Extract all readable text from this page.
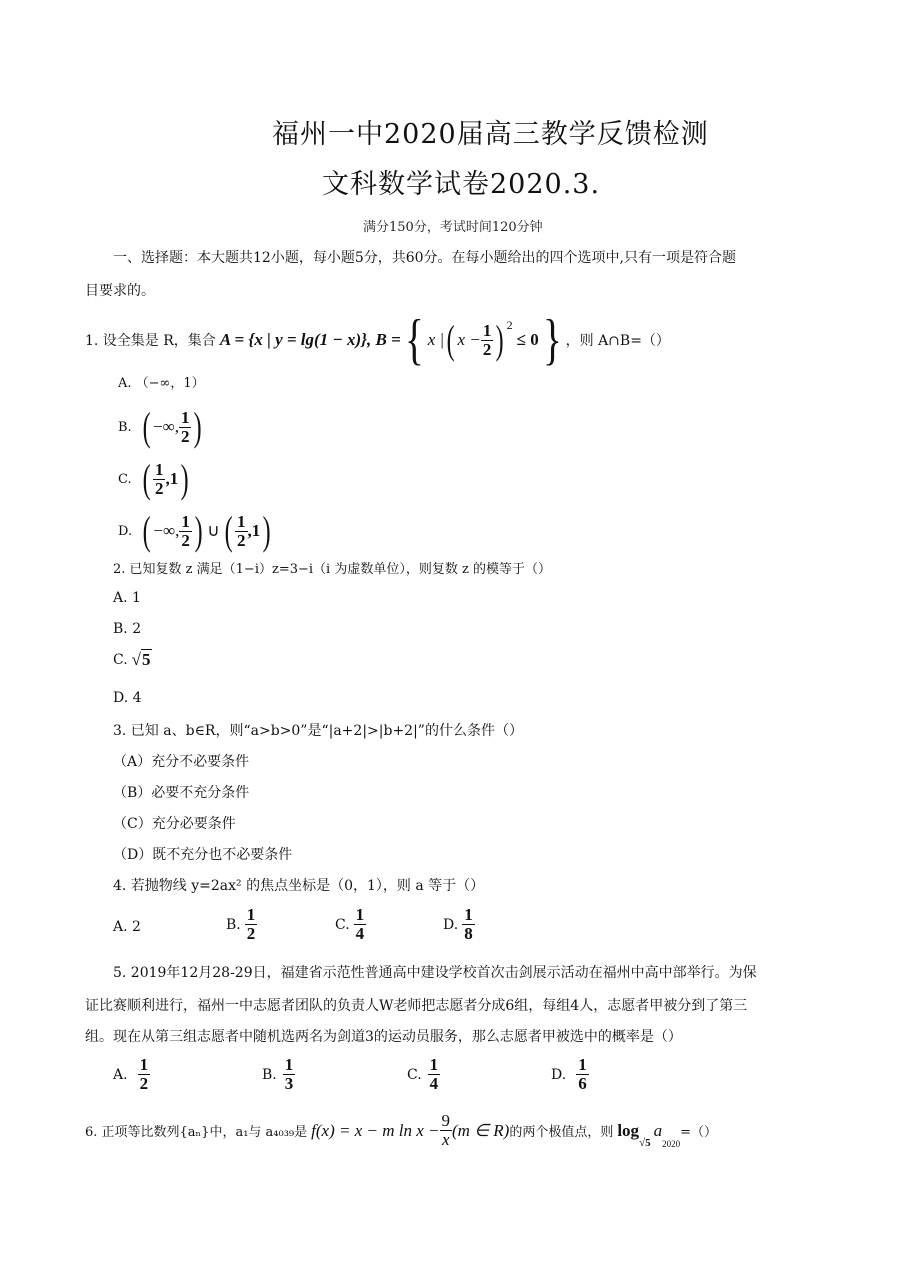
福州一中2020届高三教学反馈检测
文科数学试卷2020.3.
满分150分，考试时间120分钟
一、选择题：本大题共12小题，每小题5分，共60分。在每小题给出的四个选项中,只有一项是符合题
目要求的。
1. 设全集是 R，集合 A = {x | y = lg(1 − x)}, B = { x | ( $x - \frac{1}{2} )^2$
≤ 0 } ，则 A∩B=（）
A. （−∞，1）
B. ( −∞, $\frac{1}{2}$ )
C. ( $\frac{1}{2} ,1$ )
D. ( −∞, $\frac{1}{2}$ ) ∪ ( $\frac{1}{2} ,1$ )
2. 已知复数 z 满足（1−i）z=3−i（i 为虚数单位），则复数 z 的模等于（）
A. 1
B. 2
C. √5
D. 4
3. 已知 a、b∈R，则“a>b>0”是“|a+2|>|b+2|”的什么条件（）
（A）充分不必要条件
（B）必要不充分条件
（C）充分必要条件
（D）既不充分也不必要条件
4. 若抛物线 y=2ax² 的焦点坐标是（0，1），则 a 等于（）
A. 2	B. $\frac{1}{2}$	C. $\frac{1}{4}$	D. $\frac{1}{8}$
5. 2019年12月28-29日，福建省示范性普通高中建设学校首次击剑展示活动在福州中高中部举行。为保
证比赛顺利进行，福州一中志愿者团队的负责人W老师把志愿者分成6组，每组4人，志愿者甲被分到了第三
组。现在从第三组志愿者中随机选两名为剑道3的运动员服务，那么志愿者甲被选中的概率是（）
A. $\frac{1}{2}$	B. $\frac{1}{3}$	C. $\frac{1}{4}$	D. $\frac{1}{6}$
6. 正项等比数列{aₙ}中，a₁与 a₄₀₃₉是 f(x) = x − m $\ln x - \frac{9}{x} (m$ ∈ R) 的两个极值点，则 log
$_{√5}$
a
$_{2020}$
=（）
